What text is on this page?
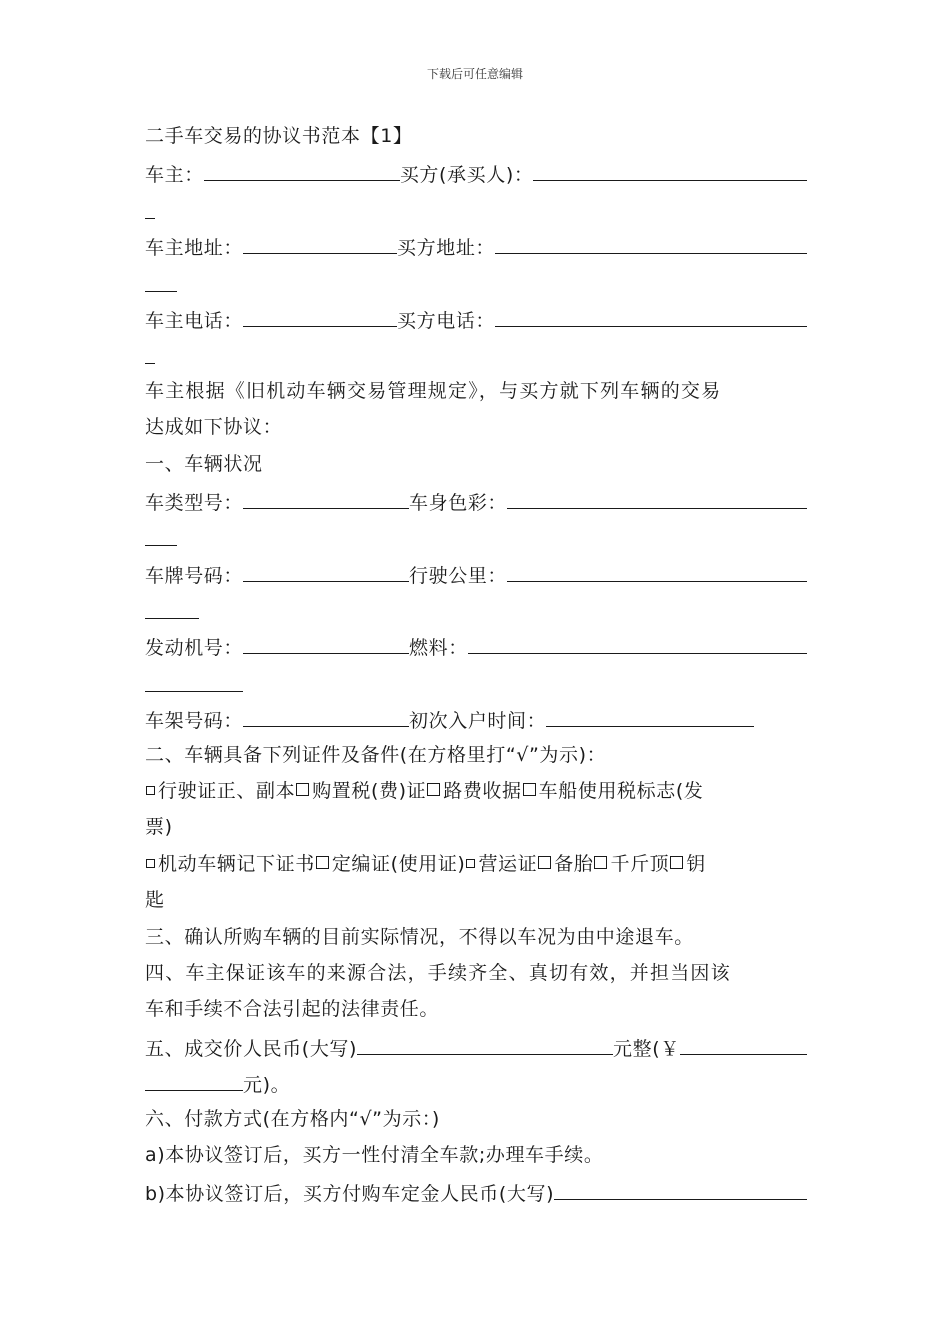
下载后可任意编辑
二手车交易的协议书范本【1】
车主：	买方(承买人)：
车主地址：	买方地址：
车主电话：	买方电话：
车主根据《旧机动车辆交易管理规定》，与买方就下列车辆的交易
达成如下协议：
一、车辆状况
车类型号：	车身色彩：
车牌号码：	行驶公里：
发动机号：	燃料：
车架号码：	初次入户时间：
二、车辆具备下列证件及备件(在方格里打“√”为示)：
行驶证正、副本 购置税(费)证 路费收据 车船使用税标志(发
票)
机动车辆记下证书 定编证(使用证) 营运证 备胎 千斤顶 钥
匙
三、确认所购车辆的目前实际情况，不得以车况为由中途退车。
四、车主保证该车的来源合法，手续齐全、真切有效，并担当因该
车和手续不合法引起的法律责任。
五、成交价人民币(大写)	元整(￥
元)。
六、付款方式(在方格内“√”为示：)
a)本协议签订后，买方一性付清全车款;办理车手续。
b)本协议签订后，买方付购车定金人民币(大写)
